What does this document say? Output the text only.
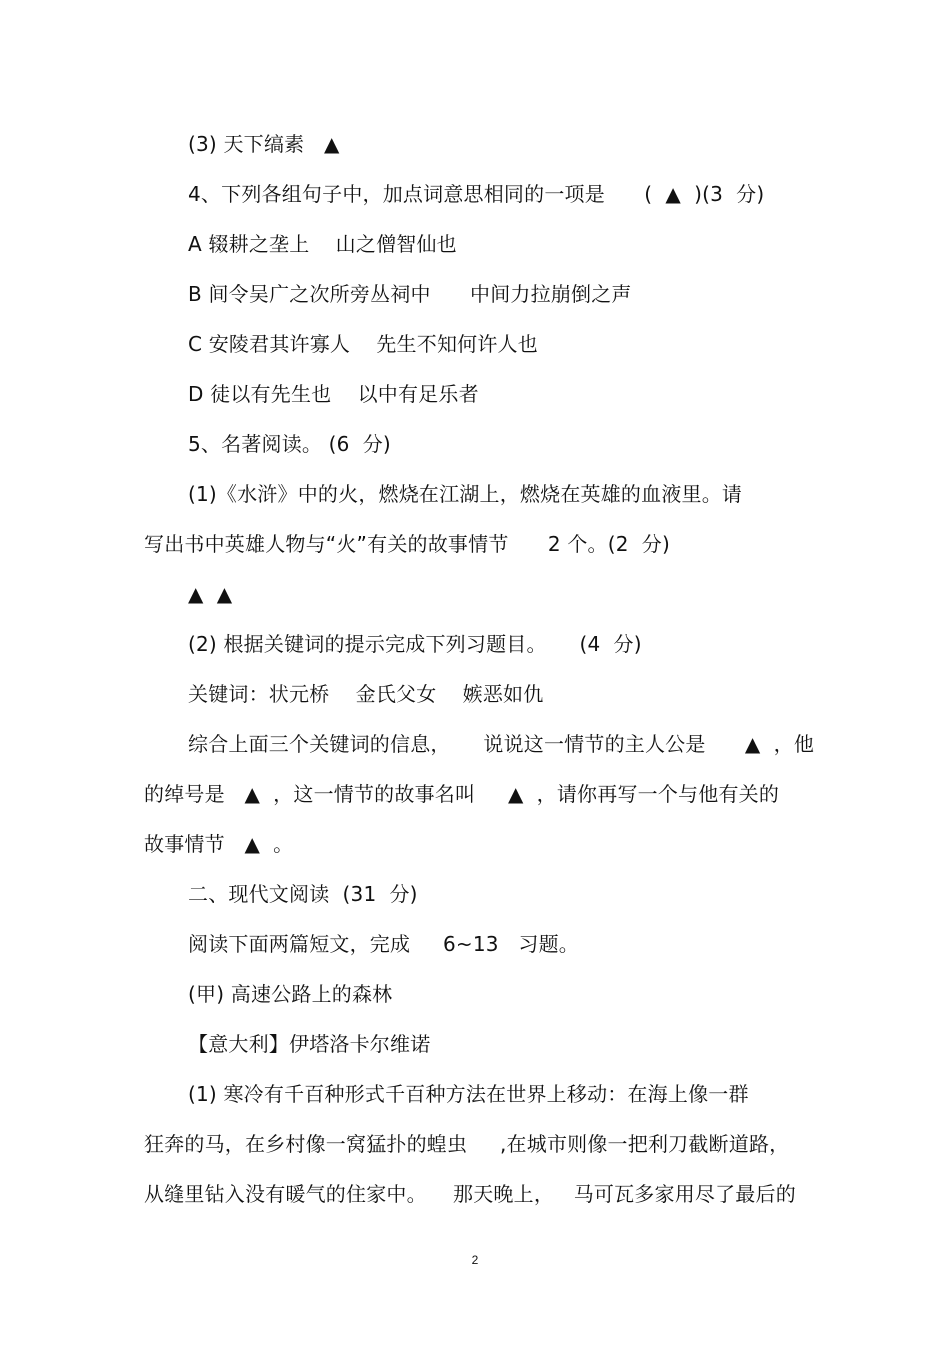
(3) 天下缟素   ▲
4、下列各组句子中，加点词意思相同的一项是      (  ▲  )(3  分)
A 辍耕之垄上    山之僧智仙也
B 间令吴广之次所旁丛祠中      中间力拉崩倒之声
C 安陵君其许寡人    先生不知何许人也
D 徒以有先生也    以中有足乐者
5、名著阅读。 (6  分)
(1)《水浒》中的火，燃烧在江湖上，燃烧在英雄的血液里。请
写出书中英雄人物与“火”有关的故事情节      2 个。(2  分)
▲  ▲
(2) 根据关键词的提示完成下列习题目。     (4  分)
关键词：状元桥    金氏父女    嫉恶如仇
综合上面三个关键词的信息，     说说这一情节的主人公是      ▲  ，他
的绰号是   ▲  ，这一情节的故事名叫     ▲  ，请你再写一个与他有关的
故事情节   ▲  。
二、现代文阅读  (31  分)
阅读下面两篇短文，完成     6~13   习题。
(甲) 高速公路上的森林
【意大利】伊塔洛卡尔维诺
(1) 寒冷有千百种形式千百种方法在世界上移动：在海上像一群
狂奔的马，在乡村像一窝猛扑的蝗虫     ,在城市则像一把利刀截断道路，
从缝里钻入没有暖气的住家中。    那天晚上，   马可瓦多家用尽了最后的
2
